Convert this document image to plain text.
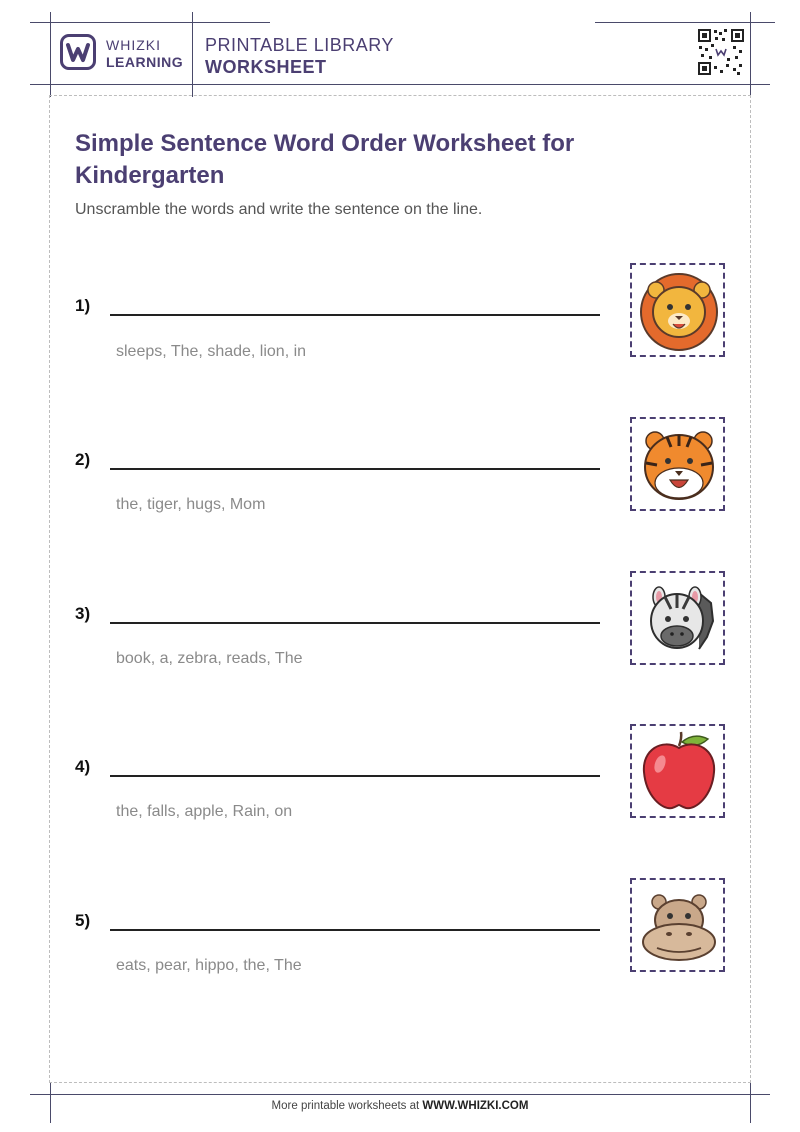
WHIZKI
LEARNING
PRINTABLE LIBRARY
WORKSHEET
Simple Sentence Word Order Worksheet for Kindergarten
Unscramble the words and write the sentence on the line.
1)
sleeps, The, shade, lion, in
2)
the, tiger, hugs, Mom
3)
book, a, zebra, reads, The
4)
the, falls, apple, Rain, on
5)
eats, pear, hippo, the, The
More printable worksheets at WWW.WHIZKI.COM
